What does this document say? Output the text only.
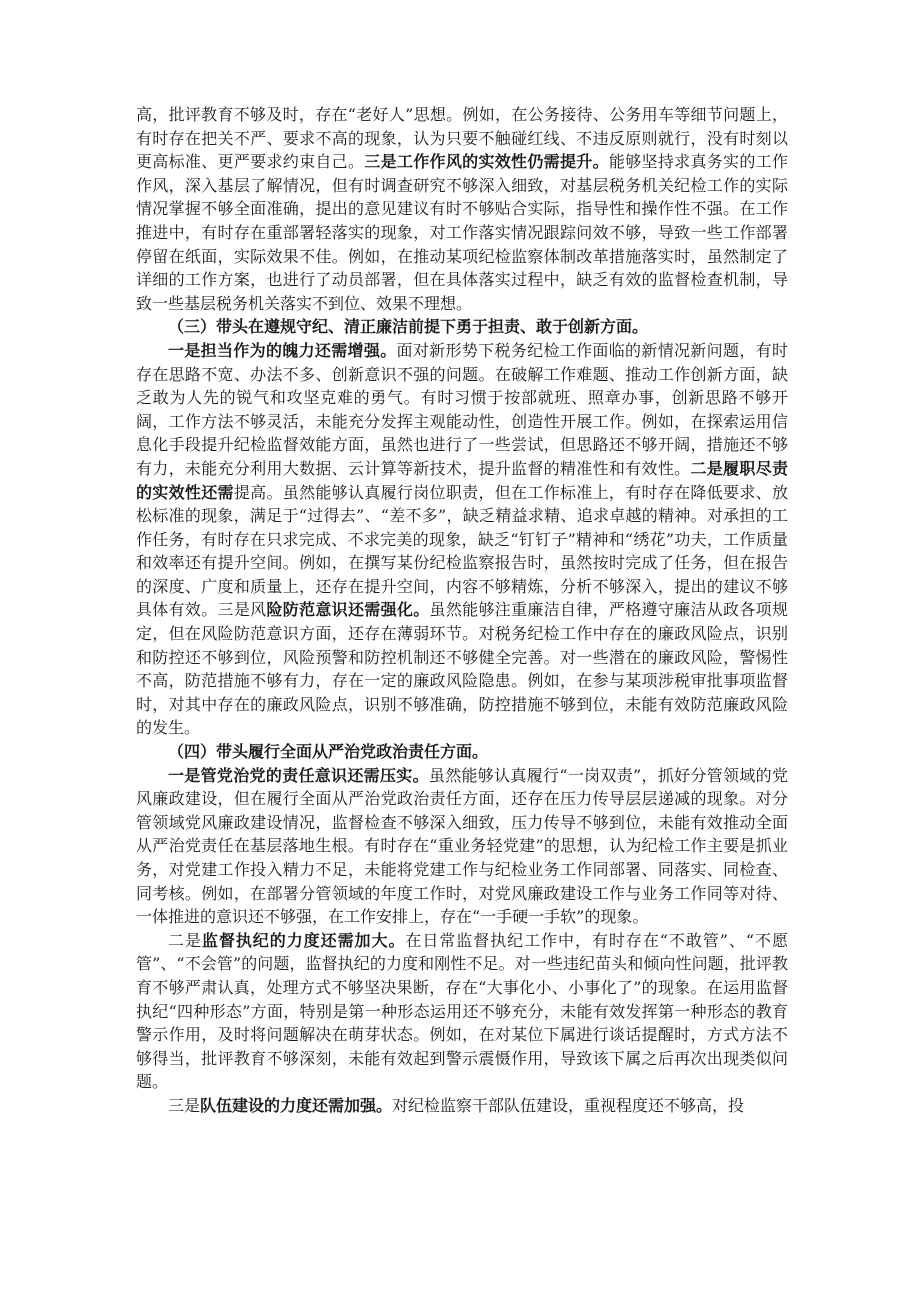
高，批评教育不够及时，存在“老好人”思想。例如，在公务接待、公务用车等细节问题上，有时存在把关不严、要求不高的现象，认为只要不触碰红线、不违反原则就行，没有时刻以更高标准、更严要求约束自己。三是工作作风的实效性仍需提升。能够坚持求真务实的工作作风，深入基层了解情况，但有时调查研究不够深入细致，对基层税务机关纪检工作的实际情况掌握不够全面准确，提出的意见建议有时不够贴合实际，指导性和操作性不强。在工作推进中，有时存在重部署轻落实的现象，对工作落实情况跟踪问效不够，导致一些工作部署停留在纸面，实际效果不佳。例如，在推动某项纪检监察体制改革措施落实时，虽然制定了详细的工作方案，也进行了动员部署，但在具体落实过程中，缺乏有效的监督检查机制，导致一些基层税务机关落实不到位、效果不理想。

（三）带头在遵规守纪、清正廉洁前提下勇于担责、敢于创新方面。

一是担当作为的魄力还需增强。面对新形势下税务纪检工作面临的新情况新问题，有时存在思路不宽、办法不多、创新意识不强的问题。在破解工作难题、推动工作创新方面，缺乏敢为人先的锐气和攻坚克难的勇气。有时习惯于按部就班、照章办事，创新思路不够开阔，工作方法不够灵活，未能充分发挥主观能动性，创造性开展工作。例如，在探索运用信息化手段提升纪检监督效能方面，虽然也进行了一些尝试，但思路还不够开阔，措施还不够有力，未能充分利用大数据、云计算等新技术，提升监督的精准性和有效性。二是履职尽责的实效性还需提高。虽然能够认真履行岗位职责，但在工作标准上，有时存在降低要求、放松标准的现象，满足于“过得去”、“差不多”，缺乏精益求精、追求卓越的精神。对承担的工作任务，有时存在只求完成、不求完美的现象，缺乏“钉钉子”精神和“绣花”功夫，工作质量和效率还有提升空间。例如，在撰写某份纪检监察报告时，虽然按时完成了任务，但在报告的深度、广度和质量上，还存在提升空间，内容不够精炼，分析不够深入，提出的建议不够具体有效。三是风险防范意识还需强化。虽然能够注重廉洁自律，严格遵守廉洁从政各项规定，但在风险防范意识方面，还存在薄弱环节。对税务纪检工作中存在的廉政风险点，识别和防控还不够到位，风险预警和防控机制还不够健全完善。对一些潜在的廉政风险，警惕性不高，防范措施不够有力，存在一定的廉政风险隐患。例如，在参与某项涉税审批事项监督时，对其中存在的廉政风险点，识别不够准确，防控措施不够到位，未能有效防范廉政风险的发生。

（四）带头履行全面从严治党政治责任方面。

一是管党治党的责任意识还需压实。虽然能够认真履行“一岗双责”，抓好分管领域的党风廉政建设，但在履行全面从严治党政治责任方面，还存在压力传导层层递减的现象。对分管领域党风廉政建设情况，监督检查不够深入细致，压力传导不够到位，未能有效推动全面从严治党责任在基层落地生根。有时存在“重业务轻党建”的思想，认为纪检工作主要是抓业务，对党建工作投入精力不足，未能将党建工作与纪检业务工作同部署、同落实、同检查、同考核。例如，在部署分管领域的年度工作时，对党风廉政建设工作与业务工作同等对待、一体推进的意识还不够强，在工作安排上，存在“一手硬一手软”的现象。

二是监督执纪的力度还需加大。在日常监督执纪工作中，有时存在“不敢管”、“不愿管”、“不会管”的问题，监督执纪的力度和刚性不足。对一些违纪苗头和倾向性问题，批评教育不够严肃认真，处理方式不够坚决果断，存在“大事化小、小事化了”的现象。在运用监督执纪“四种形态”方面，特别是第一种形态运用还不够充分，未能有效发挥第一种形态的教育警示作用，及时将问题解决在萌芽状态。例如，在对某位下属进行谈话提醒时，方式方法不够得当，批评教育不够深刻，未能有效起到警示震慑作用，导致该下属之后再次出现类似问题。

三是队伍建设的力度还需加强。对纪检监察干部队伍建设，重视程度还不够高，投
